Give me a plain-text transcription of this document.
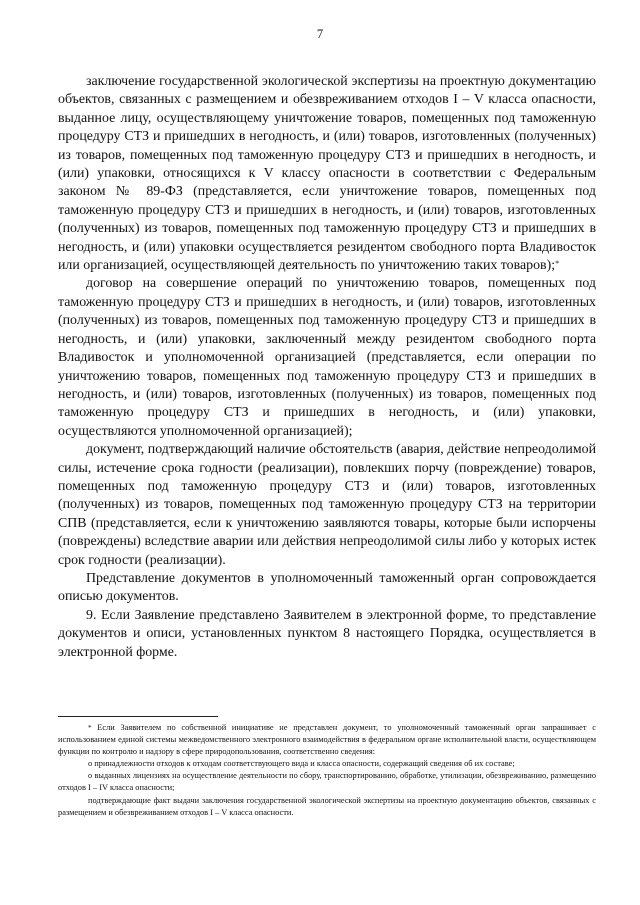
7

заключение государственной экологической экспертизы на проектную документацию объектов, связанных с размещением и обезвреживанием отходов I – V класса опасности, выданное лицу, осуществляющему уничтожение товаров, помещенных под таможенную процедуру СТЗ и пришедших в негодность, и (или) товаров, изготовленных (полученных) из товаров, помещенных под таможенную процедуру СТЗ и пришедших в негодность, и (или) упаковки, относящихся к V классу опасности в соответствии с Федеральным законом № 89-ФЗ (представляется, если уничтожение товаров, помещенных под таможенную процедуру СТЗ и пришедших в негодность, и (или) товаров, изготовленных (полученных) из товаров, помещенных под таможенную процедуру СТЗ и пришедших в негодность, и (или) упаковки осуществляется резидентом свободного порта Владивосток или организацией, осуществляющей деятельность по уничтожению таких товаров);*

договор на совершение операций по уничтожению товаров, помещенных под таможенную процедуру СТЗ и пришедших в негодность, и (или) товаров, изготовленных (полученных) из товаров, помещенных под таможенную процедуру СТЗ и пришедших в негодность, и (или) упаковки, заключенный между резидентом свободного порта Владивосток и уполномоченной организацией (представляется, если операции по уничтожению товаров, помещенных под таможенную процедуру СТЗ и пришедших в негодность, и (или) товаров, изготовленных (полученных) из товаров, помещенных под таможенную процедуру СТЗ и пришедших в негодность, и (или) упаковки, осуществляются уполномоченной организацией);

документ, подтверждающий наличие обстоятельств (авария, действие непреодолимой силы, истечение срока годности (реализации), повлекших порчу (повреждение) товаров, помещенных под таможенную процедуру СТЗ и (или) товаров, изготовленных (полученных) из товаров, помещенных под таможенную процедуру СТЗ на территории СПВ (представляется, если к уничтожению заявляются товары, которые были испорчены (повреждены) вследствие аварии или действия непреодолимой силы либо у которых истек срок годности (реализации).

Представление документов в уполномоченный таможенный орган сопровождается описью документов.

9. Если Заявление представлено Заявителем в электронной форме, то представление документов и описи, установленных пунктом 8 настоящего Порядка, осуществляется в электронной форме.

* Если Заявителем по собственной инициативе не представлен документ, то уполномоченный таможенный орган запрашивает с использованием единой системы межведомственного электронного взаимодействия в федеральном органе исполнительной власти, осуществляющем функции по контролю и надзору в сфере природопользования, соответственно сведения:

о принадлежности отходов к отходам соответствующего вида и класса опасности, содержащий сведения об их составе;

о выданных лицензиях на осуществление деятельности по сбору, транспортированию, обработке, утилизации, обезвреживанию, размещению отходов I – IV класса опасности;

подтверждающие факт выдачи заключения государственной экологической экспертизы на проектную документацию объектов, связанных с размещением и обезвреживанием отходов I – V класса опасности.
